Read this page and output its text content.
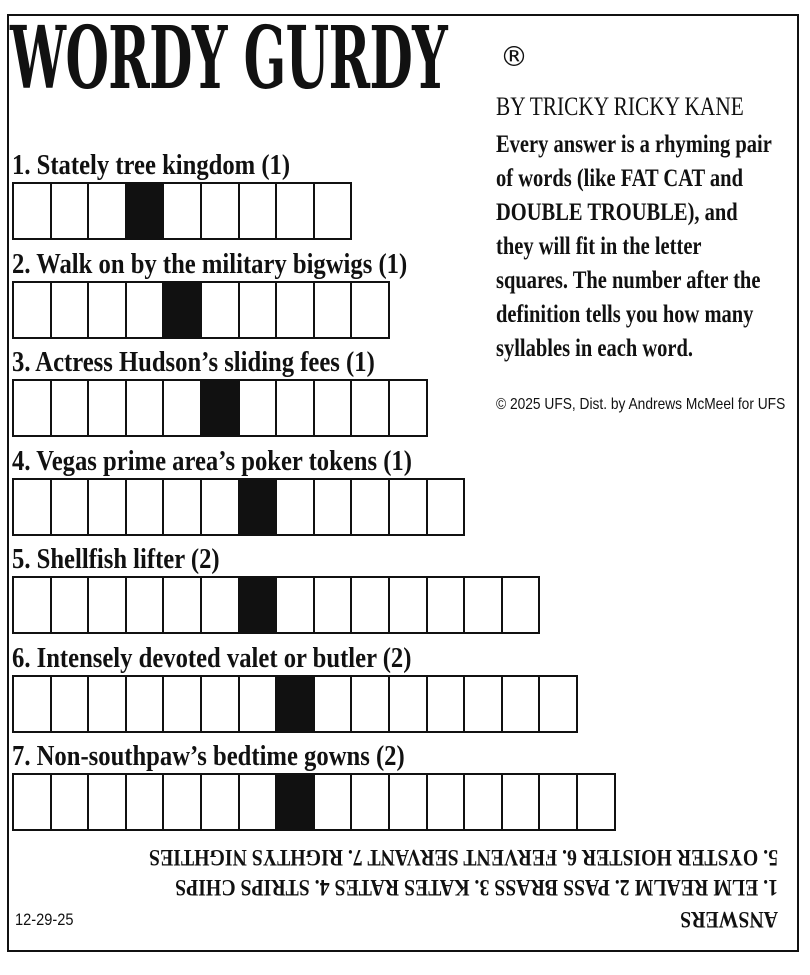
WORDY GURDY ®
BY TRICKY RICKY KANE
Every answer is a rhyming pair of words (like FAT CAT and DOUBLE TROUBLE), and they will fit in the letter squares. The number after the definition tells you how many syllables in each word.
© 2025 UFS, Dist. by Andrews McMeel for UFS
1. Stately tree kingdom (1)
2. Walk on by the military bigwigs (1)
3. Actress Hudson’s sliding fees (1)
4. Vegas prime area’s poker tokens (1)
5. Shellfish lifter (2)
6. Intensely devoted valet or butler (2)
7. Non-southpaw’s bedtime gowns (2)
ANSWERS
1. ELM REALM 2. PASS BRASS 3. KATES RATES 4. STRIPS CHIPS
5. OYSTER HOISTER 6. FERVENT SERVANT 7. RIGHTYS NIGHTIES
12-29-25
